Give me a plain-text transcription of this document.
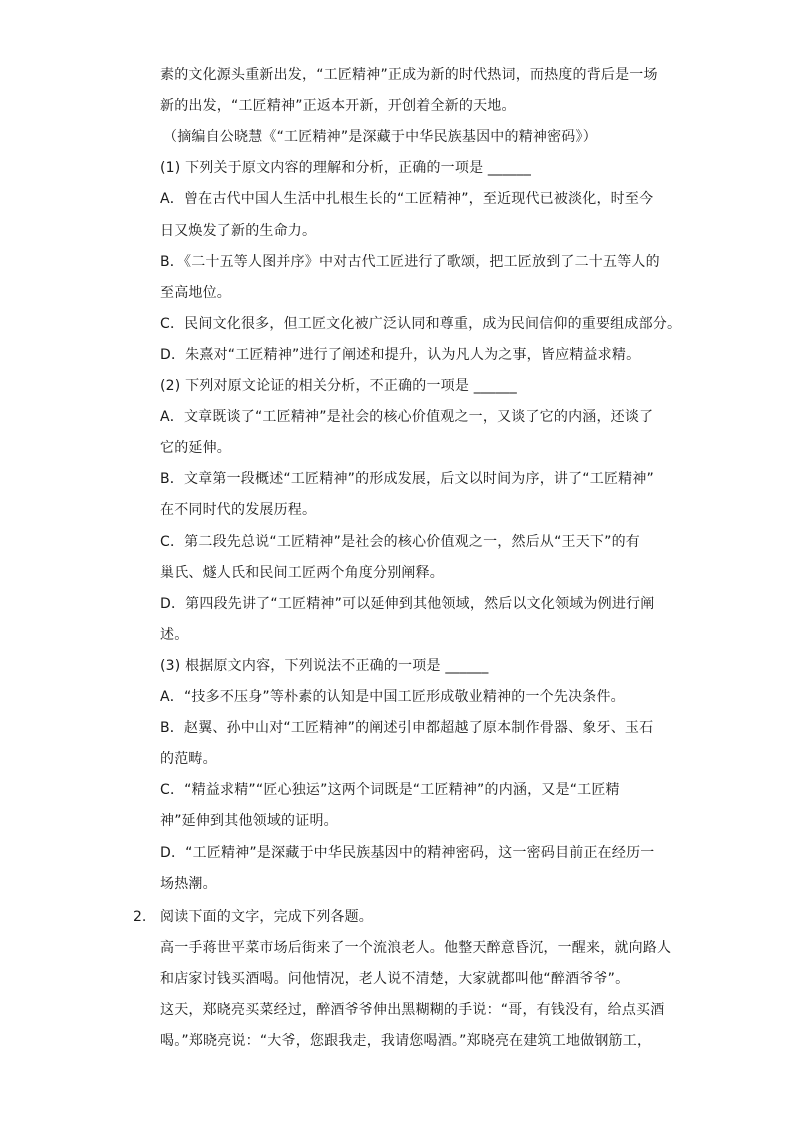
素的文化源头重新出发，“工匠精神”正成为新的时代热词，而热度的背后是一场
新的出发，“工匠精神”正返本开新，开创着全新的天地。
（摘编自公晓慧《“工匠精神”是深藏于中华民族基因中的精神密码》）
(1) 下列关于原文内容的理解和分析，正确的一项是 ______
A．曾在古代中国人生活中扎根生长的“工匠精神”，至近现代已被淡化，时至今
日又焕发了新的生命力。
B．《二十五等人图并序》中对古代工匠进行了歌颂，把工匠放到了二十五等人的
至高地位。
C．民间文化很多，但工匠文化被广泛认同和尊重，成为民间信仰的重要组成部分。
D．朱熹对“工匠精神”进行了阐述和提升，认为凡人为之事，皆应精益求精。
(2) 下列对原文论证的相关分析，不正确的一项是 ______
A．文章既谈了“工匠精神”是社会的核心价值观之一，又谈了它的内涵，还谈了
它的延伸。
B．文章第一段概述“工匠精神”的形成发展，后文以时间为序，讲了“工匠精神”
在不同时代的发展历程。
C．第二段先总说“工匠精神”是社会的核心价值观之一，然后从“王天下”的有
巢氏、燧人氏和民间工匠两个角度分别阐释。
D．第四段先讲了“工匠精神”可以延伸到其他领域，然后以文化领域为例进行阐
述。
(3) 根据原文内容，下列说法不正确的一项是 ______
A．“技多不压身”等朴素的认知是中国工匠形成敬业精神的一个先决条件。
B．赵翼、孙中山对“工匠精神”的阐述引申都超越了原本制作骨器、象牙、玉石
的范畴。
C．“精益求精”“匠心独运”这两个词既是“工匠精神”的内涵，又是“工匠精
神”延伸到其他领域的证明。
D．“工匠精神”是深藏于中华民族基因中的精神密码，这一密码目前正在经历一
场热潮。
2. 阅读下面的文字，完成下列各题。
高一手蒋世平菜市场后街来了一个流浪老人。他整天醉意昏沉，一醒来，就向路人
和店家讨钱买酒喝。问他情况，老人说不清楚，大家就都叫他“醉酒爷爷”。
这天，郑晓亮买菜经过，醉酒爷爷伸出黑糊糊的手说：“哥，有钱没有，给点买酒
喝。”郑晓亮说：“大爷，您跟我走，我请您喝酒。”郑晓亮在建筑工地做钢筋工，
